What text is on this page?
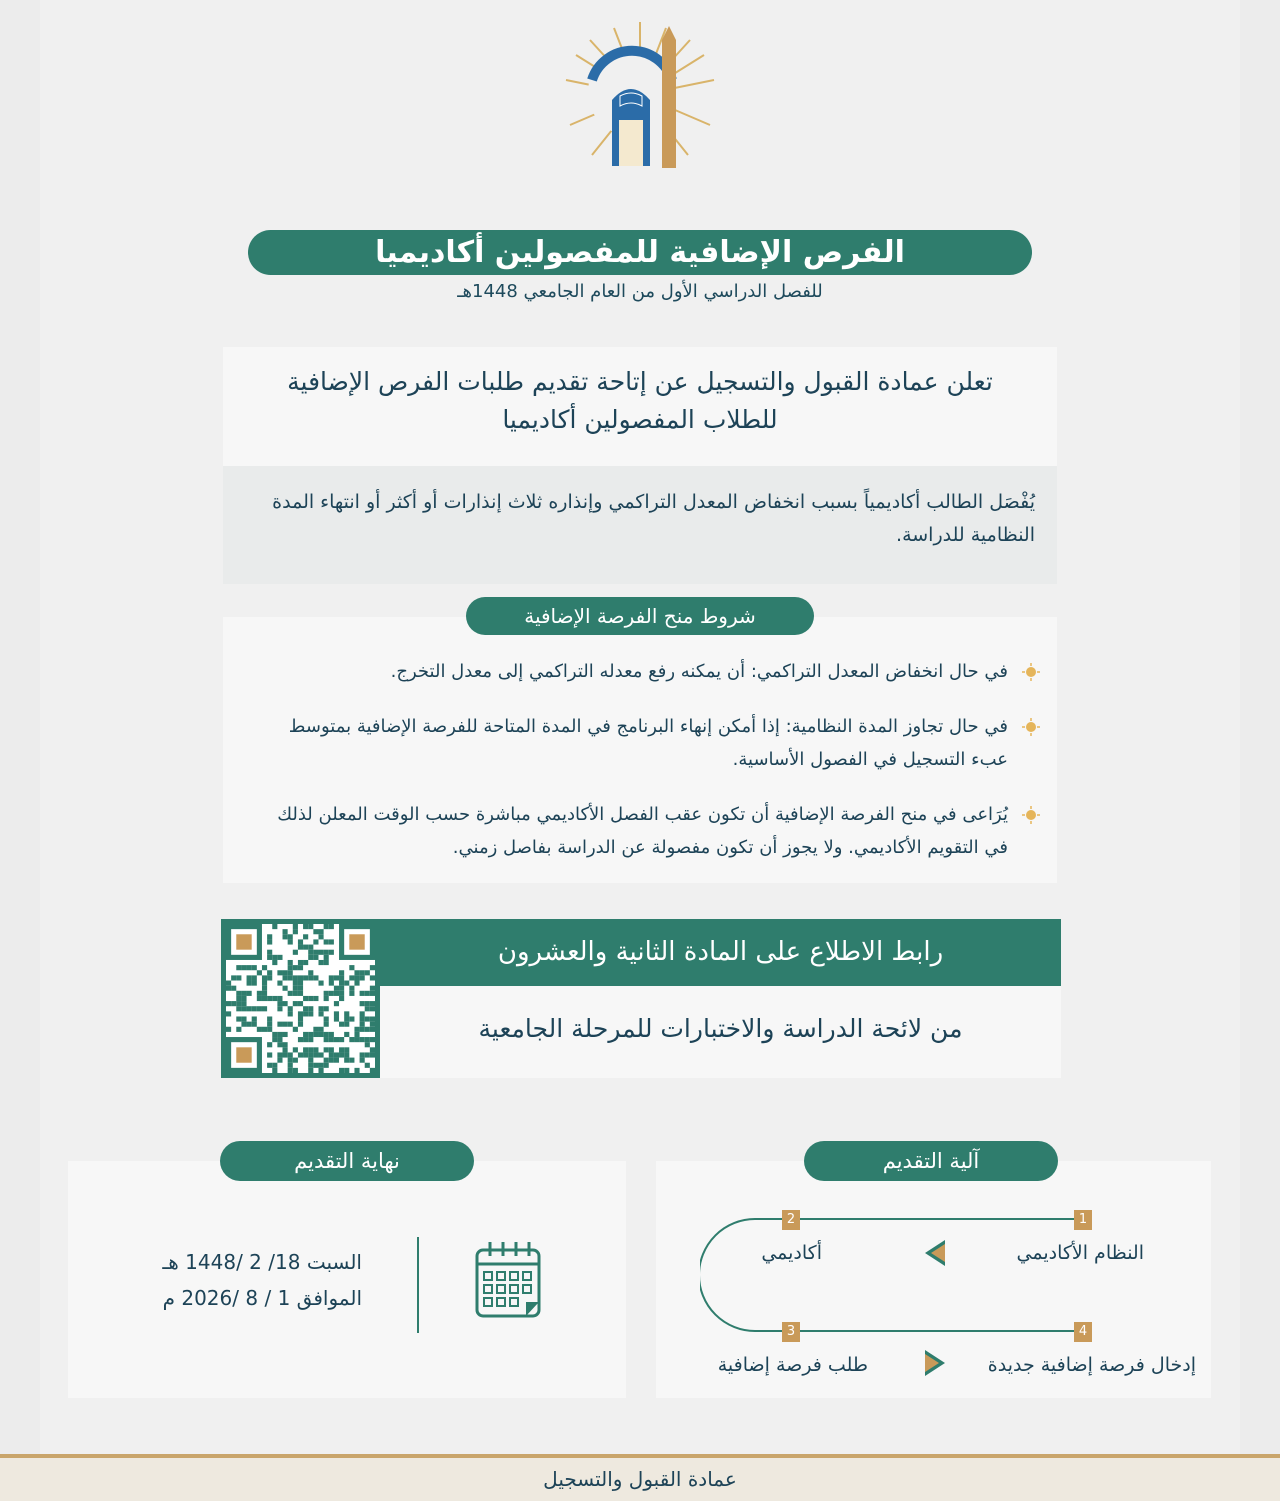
الفرص الإضافية للمفصولين أكاديميا
للفصل الدراسي الأول من العام الجامعي 1448هـ
تعلن عمادة القبول والتسجيل عن إتاحة تقديم طلبات الفرص الإضافية
للطلاب المفصولين أكاديميا
يُفْصَل الطالب أكاديمياً بسبب انخفاض المعدل التراكمي وإنذاره ثلاث إنذارات أو أكثر أو انتهاء المدة النظامية للدراسة.
شروط منح الفرصة الإضافية
في حال انخفاض المعدل التراكمي: أن يمكنه رفع معدله التراكمي إلى معدل التخرج.
في حال تجاوز المدة النظامية: إذا أمكن إنهاء البرنامج في المدة المتاحة للفرصة الإضافية بمتوسط عبء التسجيل في الفصول الأساسية.
يُرَاعى في منح الفرصة الإضافية أن تكون عقب الفصل الأكاديمي مباشرة حسب الوقت المعلن لذلك في التقويم الأكاديمي. ولا يجوز أن تكون مفصولة عن الدراسة بفاصل زمني.
رابط الاطلاع على المادة الثانية والعشرون
من لائحة الدراسة والاختبارات للمرحلة الجامعية
نهاية التقديم
السبت 18/ 2 /1448 هـ
الموافق 1 / 8 /2026 م
آلية التقديم
1
2
3	4
النظام الأكاديمي
أكاديمي
طلب فرصة إضافية	إدخال فرصة إضافية جديدة
عمادة القبول والتسجيل
